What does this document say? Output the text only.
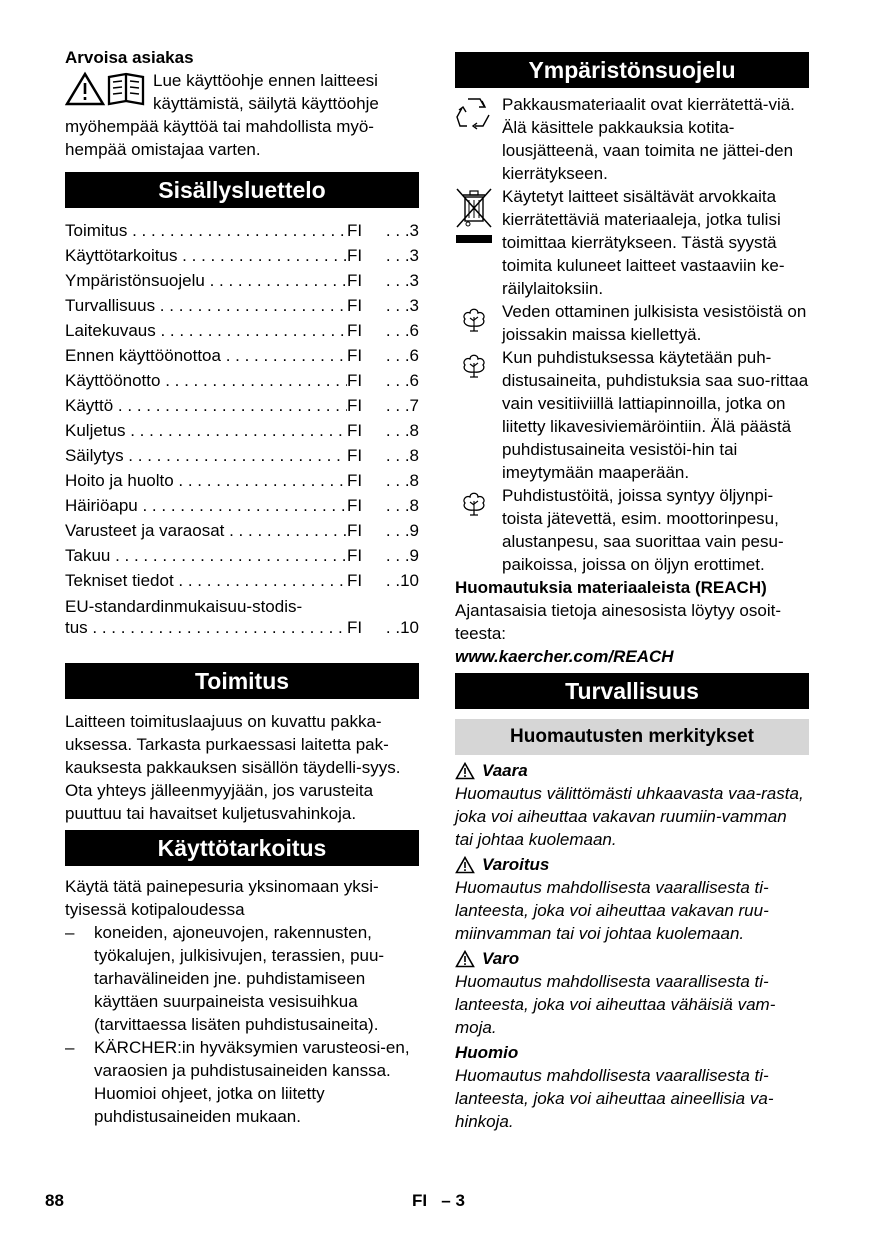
Arvoisa asiakas

Lue käyttöohje ennen laitteesi

käyttämistä, säilytä käyttöohje

myöhempää käyttöä tai mahdollista myö-hempää omistajaa varten.

Sisällysluettelo
Toimitus . . .	FI	. . .3
Käyttötarkoitus . . .	FI	. . .3
Ympäristönsuojelu . . .	FI	. . .3
Turvallisuus . . .	FI	. . .3
Laitekuvaus . . .	FI	. . .6
Ennen käyttöönottoa . . .	FI	. . .6
Käyttöönotto . . .	FI	. . .6
Käyttö . . .	FI	. . .7
Kuljetus . . .	FI	. . .8
Säilytys . . .	FI	. . .8
Hoito ja huolto . . .	FI	. . .8
Häiriöapu . . .	FI	. . .8
Varusteet ja varaosat . . .	FI	. . .9
Takuu . . .	FI	. . .9
Tekniset tiedot . . .	FI	. .10
EU-standardinmukaisuu-stodis-
tus . . .	FI	. .10
Toimitus

Laitteen toimituslaajuus on kuvattu pakka-uksessa. Tarkasta purkaessasi laitetta pak-kauksesta pakkauksen sisällön täydelli-syys.

Ota yhteys jälleenmyyjään, jos varusteita puuttuu tai havaitset kuljetusvahinkoja.

Käyttötarkoitus

Käytä tätä painepesuria yksinomaan yksi-tyisessä kotipaloudessa

– koneiden, ajoneuvojen, rakennusten, työkalujen, julkisivujen, terassien, puu-tarhavälineiden jne. puhdistamiseen käyttäen suurpaineista vesisuihkua (tarvittaessa lisäten puhdistusaineita).
– KÄRCHER:in hyväksymien varusteosi-en, varaosien ja puhdistusaineiden kanssa. Huomioi ohjeet, jotka on liitetty puhdistusaineiden mukaan.
Ympäristönsuojelu

Pakkausmateriaalit ovat kierrätettä-viä. Älä käsittele pakkauksia kotita-lousjätteenä, vaan toimita ne jättei-den kierrätykseen.

Käytetyt laitteet sisältävät arvokkaita kierrätettäviä materiaaleja, jotka tulisi toimittaa kierrätykseen. Tästä syystä toimita kuluneet laitteet vastaaviin ke-räilylaitoksiin.

Veden ottaminen julkisista vesistöistä on joissakin maissa kiellettyä.

Kun puhdistuksessa käytetään puh-distusaineita, puhdistuksia saa suo-rittaa vain vesitiiviillä lattiapinnoilla, jotka on liitetty likavesiviemäröintiin. Älä päästä puhdistusaineita vesistöi-hin tai imeytymään maaperään.

Puhdistustöitä, joissa syntyy öljynpi-toista jätevettä, esim. moottorinpesu, alustanpesu, saa suorittaa vain pesu-paikoissa, joissa on öljyn erottimet.

Huomautuksia materiaaleista (REACH)

Ajantasaisia tietoja ainesosista löytyy osoit-teesta:

www.kaercher.com/REACH

Turvallisuus
Huomautusten merkitykset
Vaara

Huomautus välittömästi uhkaavasta vaa-rasta, joka voi aiheuttaa vakavan ruumiin-vamman tai johtaa kuolemaan.

Varoitus

Huomautus mahdollisesta vaarallisesta ti-lanteesta, joka voi aiheuttaa vakavan ruu-miinvamman tai voi johtaa kuolemaan.

Varo

Huomautus mahdollisesta vaarallisesta ti-lanteesta, joka voi aiheuttaa vähäisiä vam-moja.

Huomio

Huomautus mahdollisesta vaarallisesta ti-lanteesta, joka voi aiheuttaa aineellisia va-hinkoja.

88	FI   – 3
